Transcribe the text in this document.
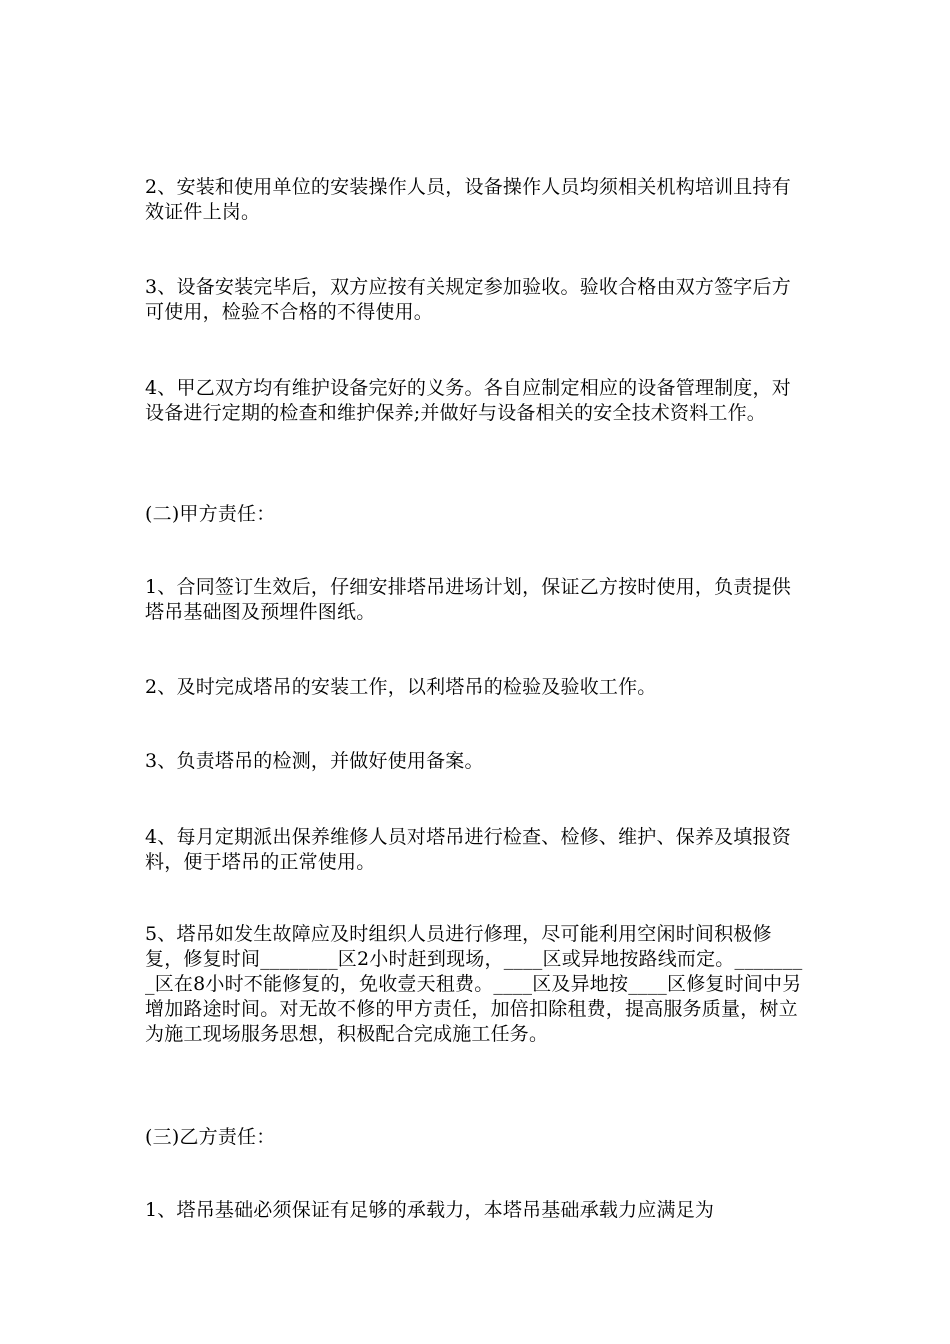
2、安装和使用单位的安装操作人员，设备操作人员均须相关机构培训且持有效证件上岗。

3、设备安装完毕后，双方应按有关规定参加验收。验收合格由双方签字后方可使用，检验不合格的不得使用。

4、甲乙双方均有维护设备完好的义务。各自应制定相应的设备管理制度，对设备进行定期的检查和维护保养;并做好与设备相关的安全技术资料工作。

(二)甲方责任：

1、合同签订生效后，仔细安排塔吊进场计划，保证乙方按时使用，负责提供塔吊基础图及预埋件图纸。

2、及时完成塔吊的安装工作，以利塔吊的检验及验收工作。

3、负责塔吊的检测，并做好使用备案。

4、每月定期派出保养维修人员对塔吊进行检查、检修、维护、保养及填报资料，便于塔吊的正常使用。

5、塔吊如发生故障应及时组织人员进行修理，尽可能利用空闲时间积极修复，修复时间________区2小时赶到现场，____区或异地按路线而定。________区在8小时不能修复的，免收壹天租费。____区及异地按____区修复时间中另增加路途时间。对无故不修的甲方责任，加倍扣除租费，提高服务质量，树立为施工现场服务思想，积极配合完成施工任务。

(三)乙方责任：

1、塔吊基础必须保证有足够的承载力，本塔吊基础承载力应满足为
